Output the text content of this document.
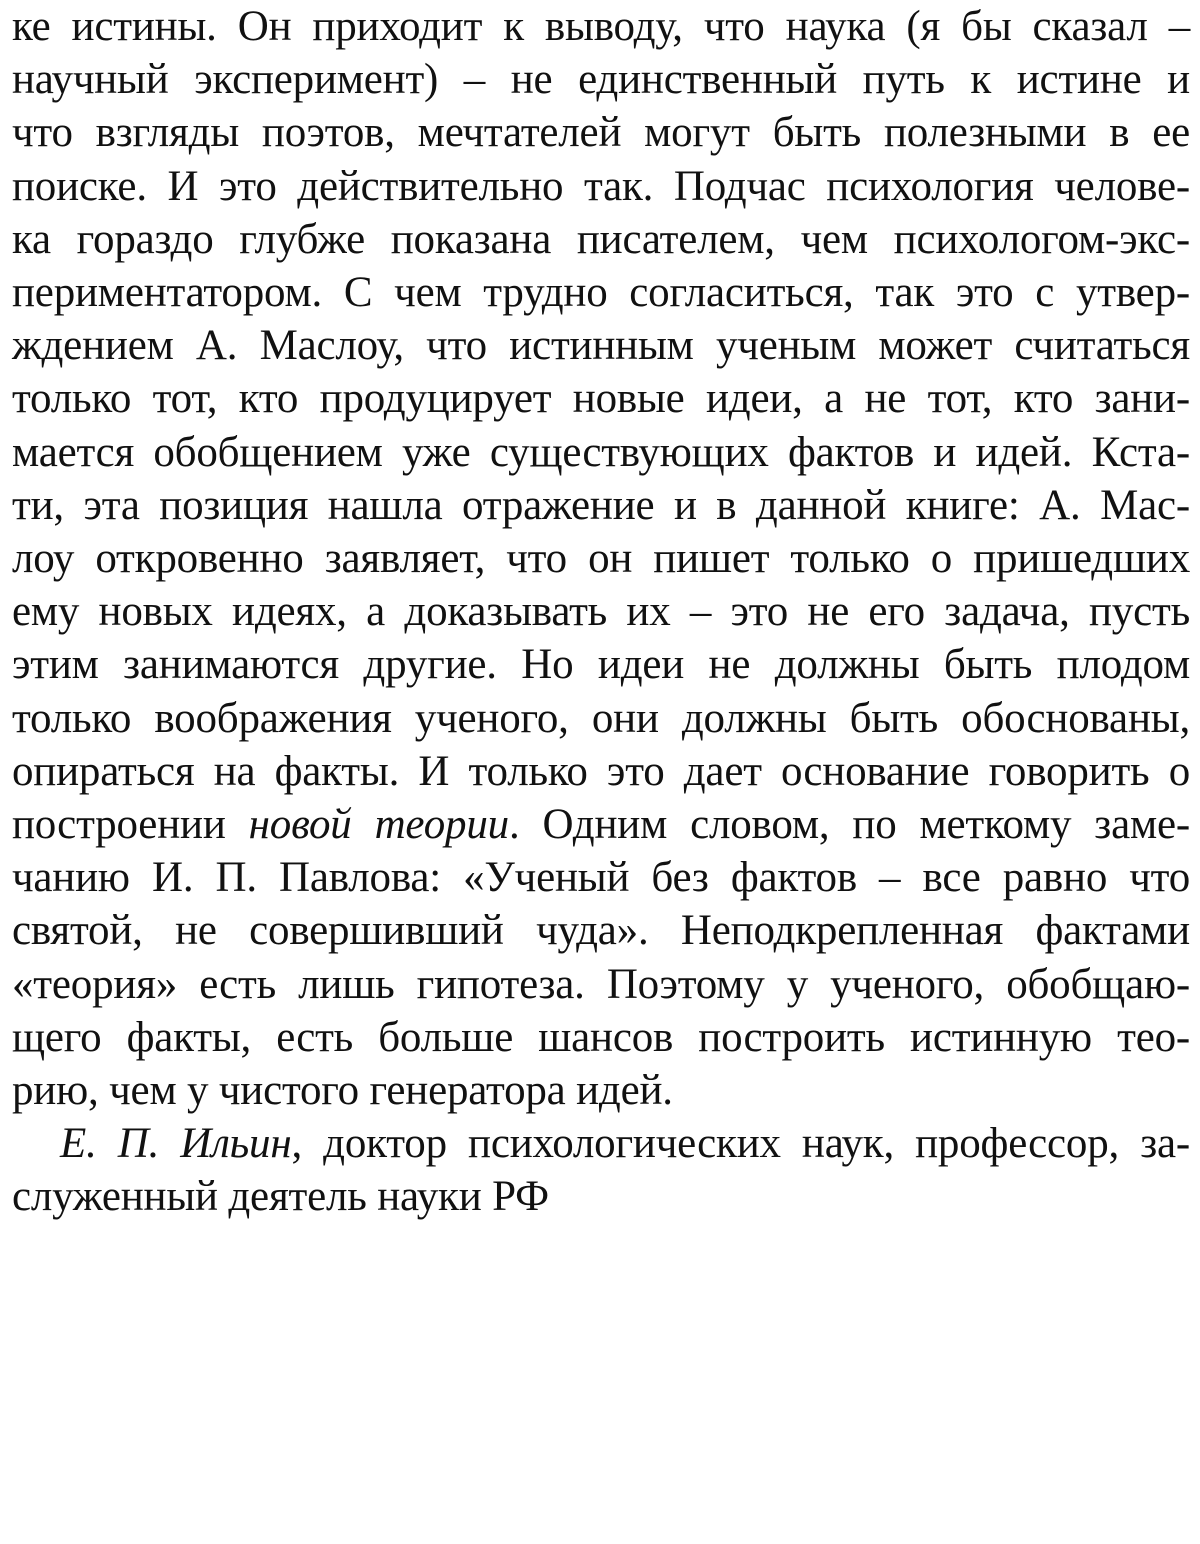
ке истины. Он приходит к выводу, что наука (я бы сказал –
научный эксперимент) – не единственный путь к истине и
что взгляды поэтов, мечтателей могут быть полезными в ее
поиске. И это действительно так. Подчас психология челове-
ка гораздо глубже показана писателем, чем психологом-экс-
периментатором. С чем трудно согласиться, так это с утвер-
ждением А. Маслоу, что истинным ученым может считаться
только тот, кто продуцирует новые идеи, а не тот, кто зани-
мается обобщением уже существующих фактов и идей. Кста-
ти, эта позиция нашла отражение и в данной книге: А. Мас-
лоу откровенно заявляет, что он пишет только о пришедших
ему новых идеях, а доказывать их – это не его задача, пусть
этим занимаются другие. Но идеи не должны быть плодом
только воображения ученого, они должны быть обоснованы,
опираться на факты. И только это дает основание говорить о
построении новой теории. Одним словом, по меткому заме-
чанию И. П. Павлова: «Ученый без фактов – все равно что
святой, не совершивший чуда». Неподкрепленная фактами
«теория» есть лишь гипотеза. Поэтому у ученого, обобщаю-
щего факты, есть больше шансов построить истинную тео-
рию, чем у чистого генератора идей.

Е. П. Ильин, доктор психологических наук, профессор, за-
служенный деятель науки РФ
